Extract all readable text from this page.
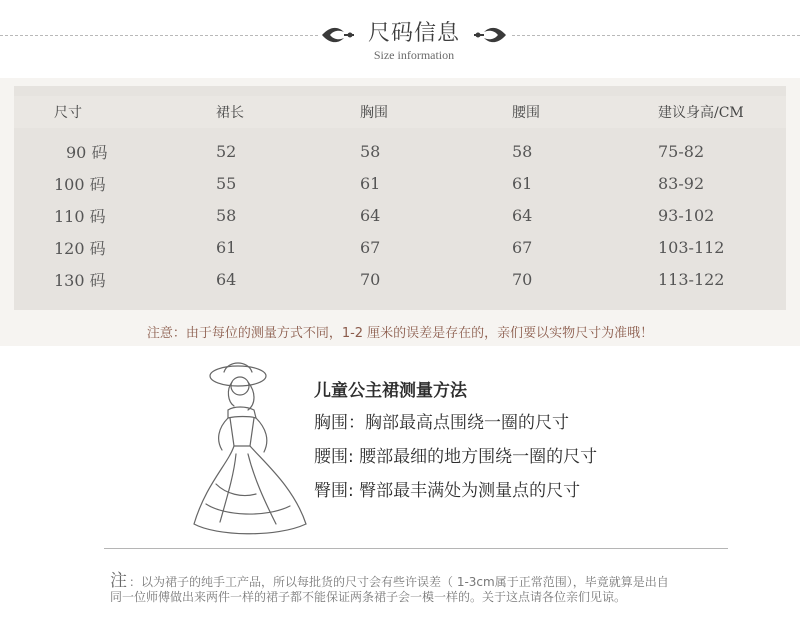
尺码信息
Size information
尺寸	裙长	胸围	腰围	建议身高/CM
90 码	52	58	58	75-82
100 码	55	61	61	83-92
110 码	58	64	64	93-102
120 码	61	67	67	103-112
130 码	64	70	70	113-122
注意：由于每位的测量方式不同，1-2 厘米的误差是存在的，亲们要以实物尺寸为准哦！
儿童公主裙测量方法
胸围：胸部最高点围绕一圈的尺寸
腰围: 腰部最细的地方围绕一圈的尺寸
臀围: 臀部最丰满处为测量点的尺寸
注 ：以为裙子的纯手工产品，所以每批货的尺寸会有些许误差（ 1-3cm属于正常范围），毕竟就算是出自
同一位师傅做出来两件一样的裙子都不能保证两条裙子会一模一样的。关于这点请各位亲们见谅。
